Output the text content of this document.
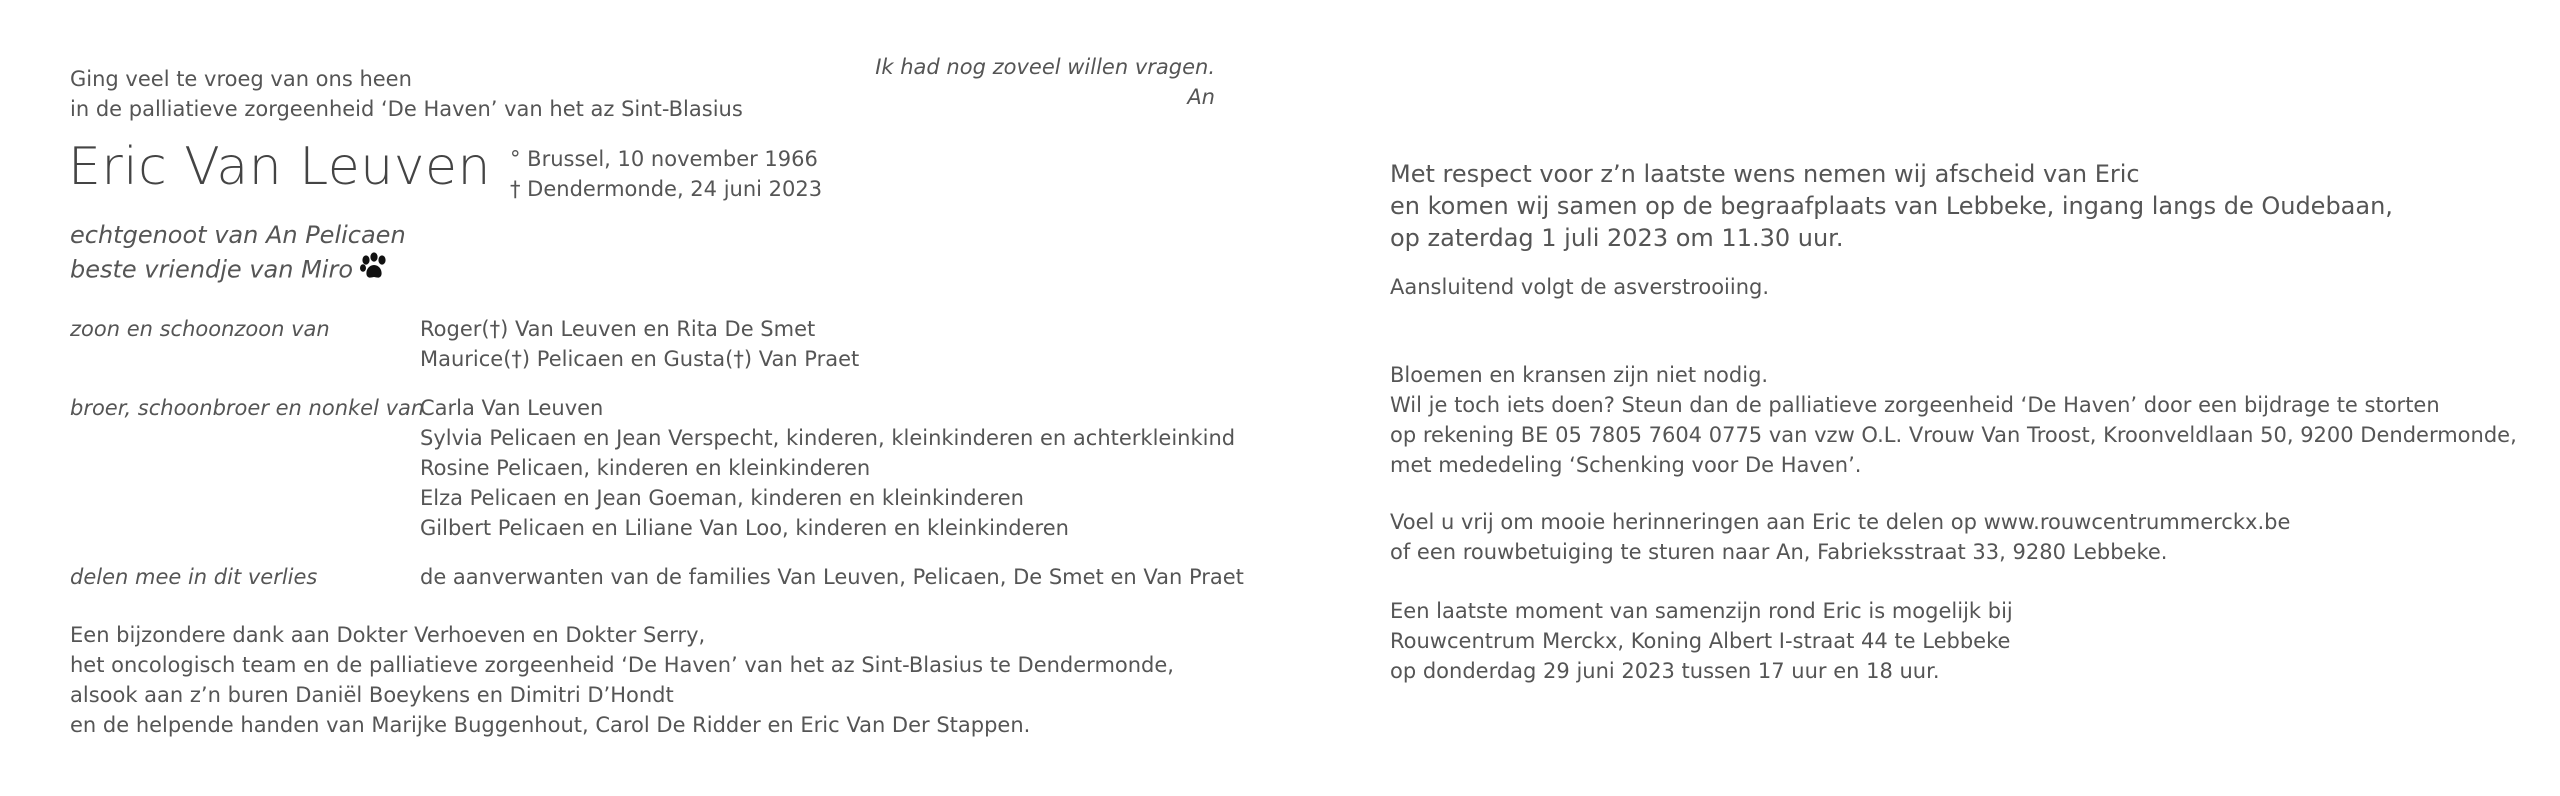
Ging veel te vroeg van ons heen
in de palliatieve zorgeenheid ‘De Haven’ van het az Sint-Blasius
Ik had nog zoveel willen vragen.
An
Eric Van Leuven ° Brussel, 10 november 1966
† Dendermonde, 24 juni 2023
echtgenoot van An Pelicaen
beste vriendje van Miro
zoon en schoonzoon van	Roger(†) Van Leuven en Rita De Smet
Maurice(†) Pelicaen en Gusta(†) Van Praet
broer, schoonbroer en nonkel van
Carla Van Leuven
Sylvia Pelicaen en Jean Verspecht, kinderen, kleinkinderen en achterkleinkind
Rosine Pelicaen, kinderen en kleinkinderen
Elza Pelicaen en Jean Goeman, kinderen en kleinkinderen
Gilbert Pelicaen en Liliane Van Loo, kinderen en kleinkinderen
delen mee in dit verlies	de aanverwanten van de families Van Leuven, Pelicaen, De Smet en Van Praet
Een bijzondere dank aan Dokter Verhoeven en Dokter Serry,
het oncologisch team en de palliatieve zorgeenheid ‘De Haven’ van het az Sint-Blasius te Dendermonde,
alsook aan z’n buren Daniël Boeykens en Dimitri D’Hondt
en de helpende handen van Marijke Buggenhout, Carol De Ridder en Eric Van Der Stappen.
Met respect voor z’n laatste wens nemen wij afscheid van Eric
en komen wij samen op de begraafplaats van Lebbeke, ingang langs de Oudebaan,
op zaterdag 1 juli 2023 om 11.30 uur.
Aansluitend volgt de asverstrooiing.
Bloemen en kransen zijn niet nodig.
Wil je toch iets doen? Steun dan de palliatieve zorgeenheid ‘De Haven’ door een bijdrage te storten
op rekening BE 05 7805 7604 0775 van vzw O.L. Vrouw Van Troost, Kroonveldlaan 50, 9200 Dendermonde,
met mededeling ‘Schenking voor De Haven’.
Voel u vrij om mooie herinneringen aan Eric te delen op www.rouwcentrummerckx.be
of een rouwbetuiging te sturen naar An, Fabrieksstraat 33, 9280 Lebbeke.
Een laatste moment van samenzijn rond Eric is mogelijk bij
Rouwcentrum Merckx, Koning Albert I-straat 44 te Lebbeke
op donderdag 29 juni 2023 tussen 17 uur en 18 uur.
